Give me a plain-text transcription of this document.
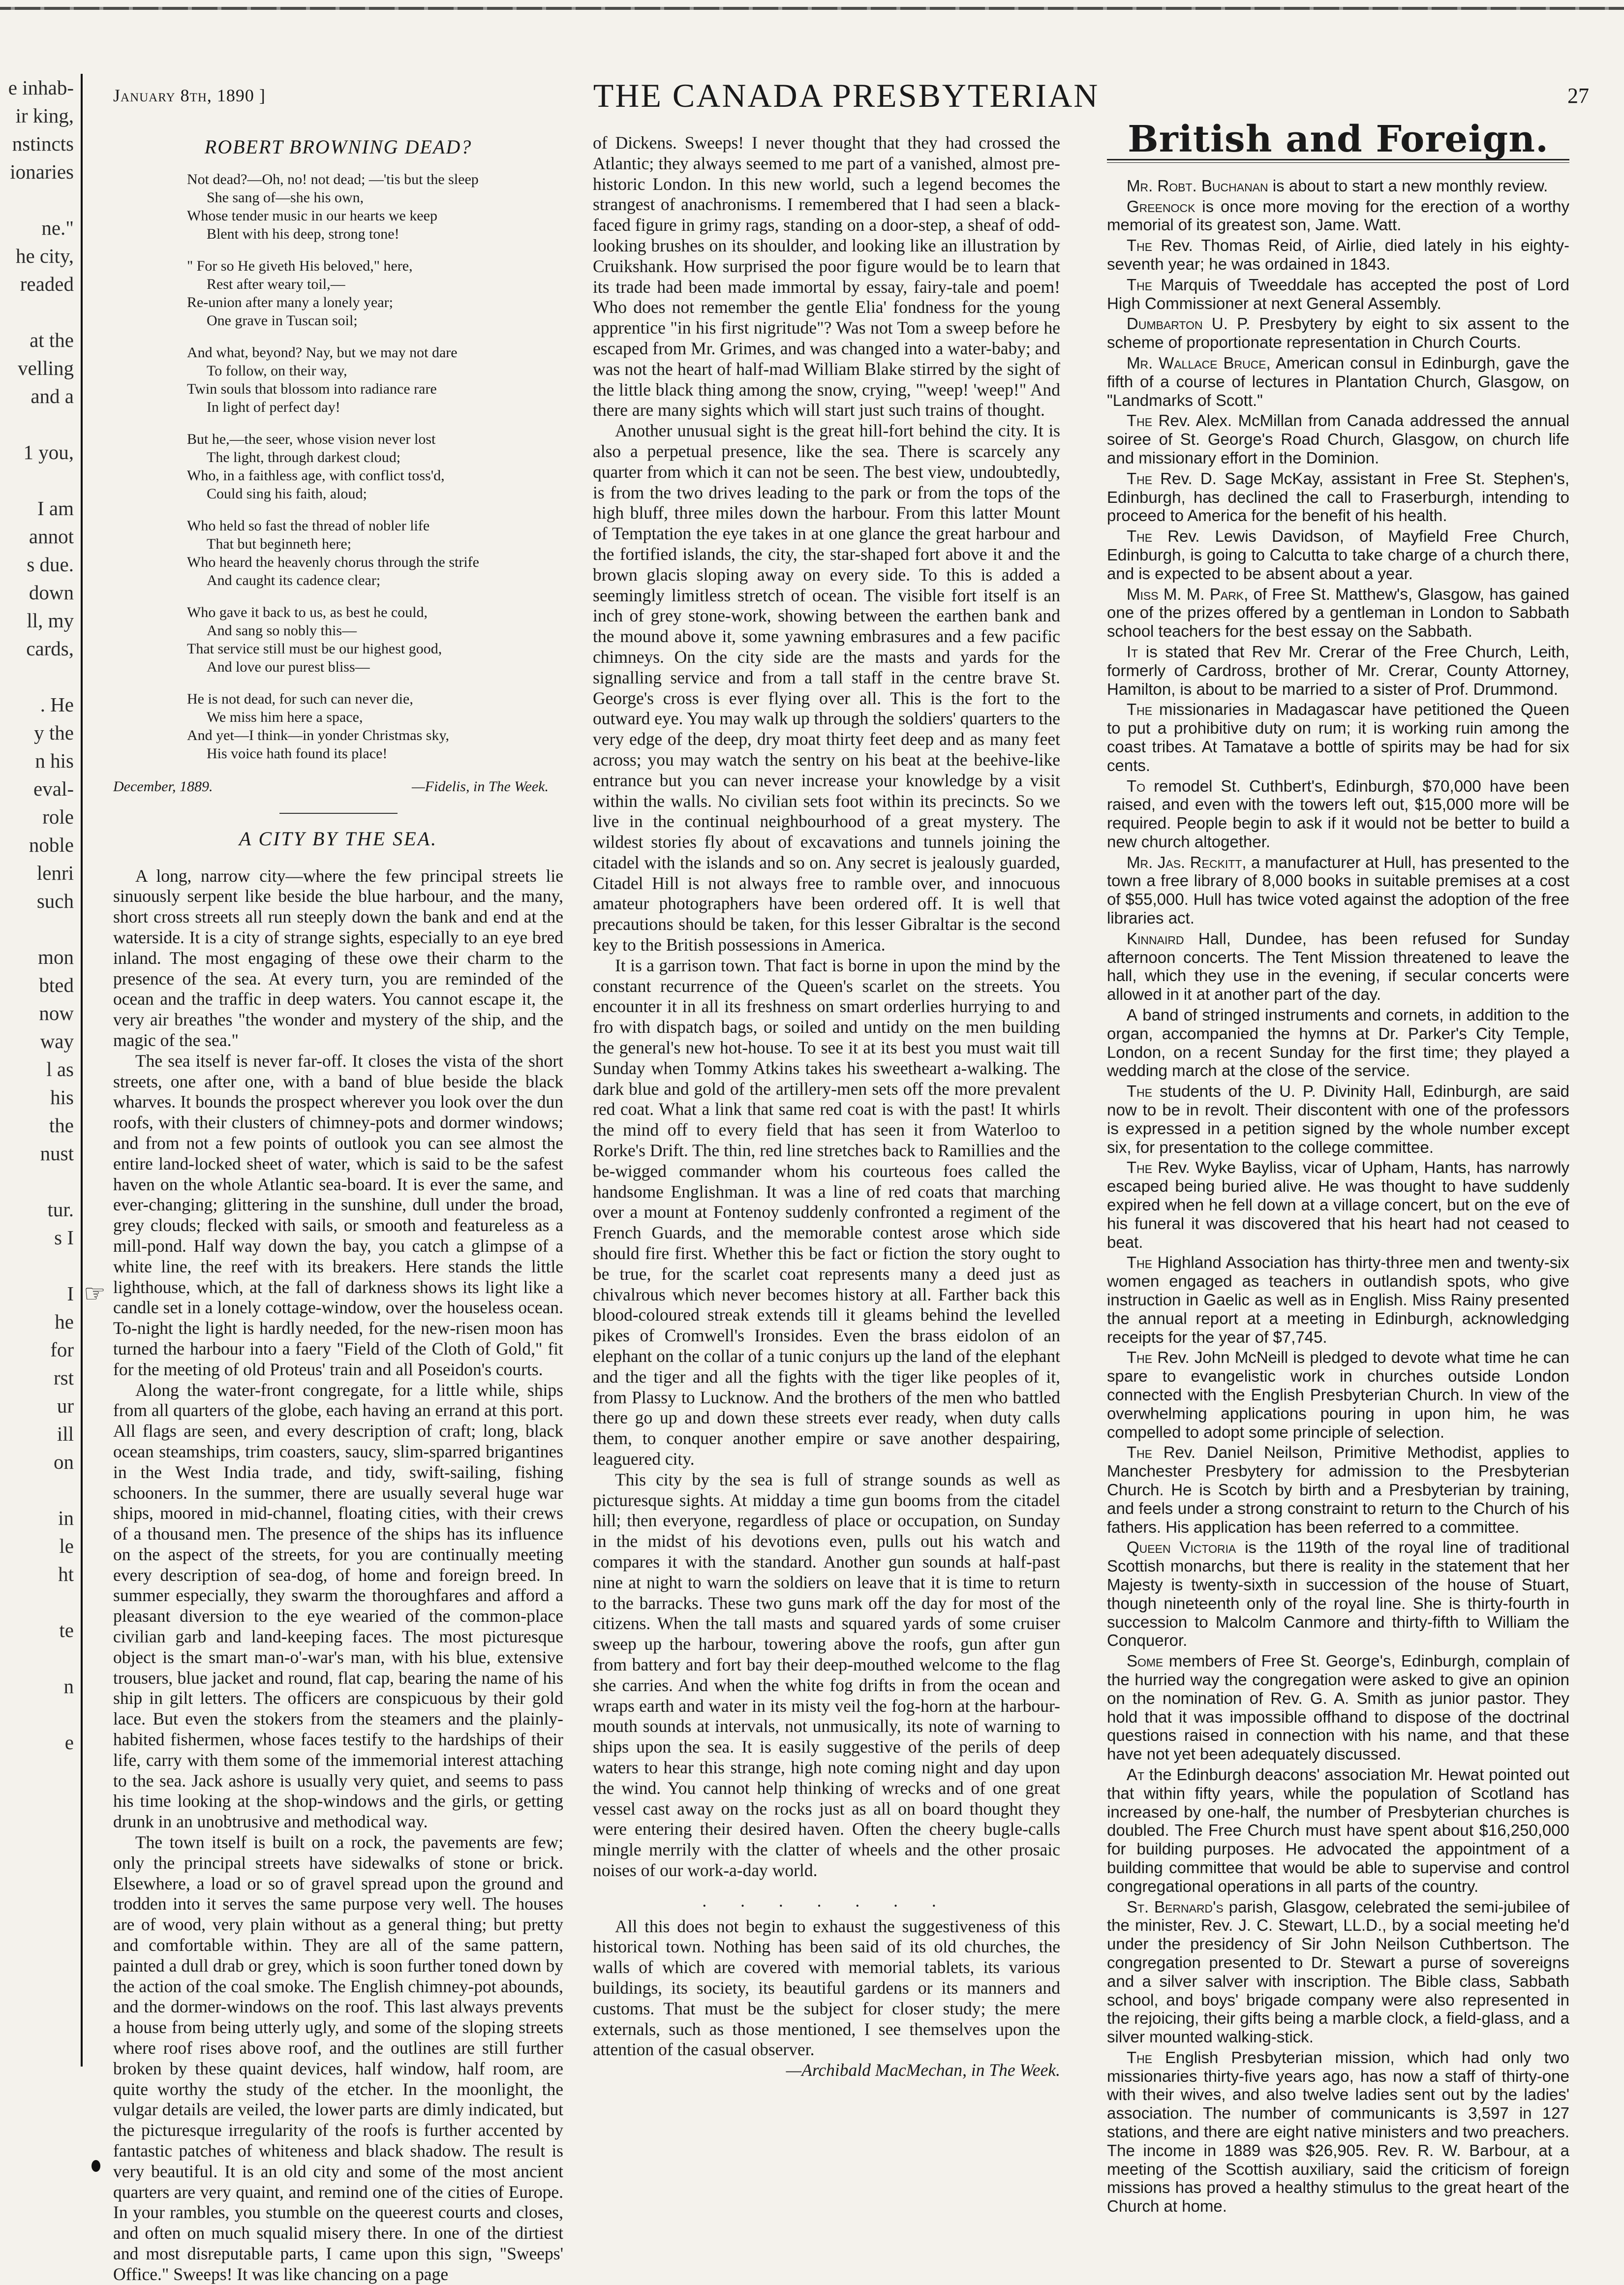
e inhab-
ir king,
nstincts
ionaries

ne."
he city,
readed

at the
velling
and a

1 you,

I am
annot
s due.
down
ll, my
cards,

. He
y the
n his
eval-
role
noble
lenri
such

mon
bted
now
way
l as
his
the
nust

tur.
s I

I
he
for
rst
ur
ill
on

in
le
ht

te

n

e
☞
January 8th, 1890 ]	THE CANADA PRESBYTERIAN	27
ROBERT BROWNING DEAD?
Not dead?—Oh, no! not dead; —'tis but the sleep
She sang of—she his own,
Whose tender music in our hearts we keep
Blent with his deep, strong tone!
" For so He giveth His beloved," here,
Rest after weary toil,—
Re-union after many a lonely year;
One grave in Tuscan soil;
And what, beyond? Nay, but we may not dare
To follow, on their way,
Twin souls that blossom into radiance rare
In light of perfect day!
But he,—the seer, whose vision never lost
The light, through darkest cloud;
Who, in a faithless age, with conflict toss'd,
Could sing his faith, aloud;
Who held so fast the thread of nobler life
That but beginneth here;
Who heard the heavenly chorus through the strife
And caught its cadence clear;
Who gave it back to us, as best he could,
And sang so nobly this—
That service still must be our highest good,
And love our purest bliss—
He is not dead, for such can never die,
We miss him here a space,
And yet—I think—in yonder Christmas sky,
His voice hath found its place!
December, 1889.	—Fidelis, in The Week.
A CITY BY THE SEA.

A long, narrow city—where the few principal streets lie sinuously serpent like beside the blue harbour, and the many, short cross streets all run steeply down the bank and end at the waterside. It is a city of strange sights, especially to an eye bred inland. The most engaging of these owe their charm to the presence of the sea. At every turn, you are reminded of the ocean and the traffic in deep waters. You cannot escape it, the very air breathes "the wonder and mystery of the ship, and the magic of the sea."

The sea itself is never far-off. It closes the vista of the short streets, one after one, with a band of blue beside the black wharves. It bounds the prospect wherever you look over the dun roofs, with their clusters of chimney-pots and dormer windows; and from not a few points of outlook you can see almost the entire land-locked sheet of water, which is said to be the safest haven on the whole Atlantic sea-board. It is ever the same, and ever-changing; glittering in the sunshine, dull under the broad, grey clouds; flecked with sails, or smooth and featureless as a mill-pond. Half way down the bay, you catch a glimpse of a white line, the reef with its breakers. Here stands the little lighthouse, which, at the fall of darkness shows its light like a candle set in a lonely cottage-window, over the houseless ocean. To-night the light is hardly needed, for the new-risen moon has turned the harbour into a faery "Field of the Cloth of Gold," fit for the meeting of old Proteus' train and all Poseidon's courts.

Along the water-front congregate, for a little while, ships from all quarters of the globe, each having an errand at this port. All flags are seen, and every description of craft; long, black ocean steamships, trim coasters, saucy, slim-sparred brigantines in the West India trade, and tidy, swift-sailing, fishing schooners. In the summer, there are usually several huge war ships, moored in mid-channel, floating cities, with their crews of a thousand men. The presence of the ships has its influence on the aspect of the streets, for you are continually meeting every description of sea-dog, of home and foreign breed. In summer especially, they swarm the thoroughfares and afford a pleasant diversion to the eye wearied of the common-place civilian garb and land-keeping faces. The most picturesque object is the smart man-o'-war's man, with his blue, extensive trousers, blue jacket and round, flat cap, bearing the name of his ship in gilt letters. The officers are conspicuous by their gold lace. But even the stokers from the steamers and the plainly-habited fishermen, whose faces testify to the hardships of their life, carry with them some of the immemorial interest attaching to the sea. Jack ashore is usually very quiet, and seems to pass his time looking at the shop-windows and the girls, or getting drunk in an unobtrusive and methodical way.

The town itself is built on a rock, the pavements are few; only the principal streets have sidewalks of stone or brick. Elsewhere, a load or so of gravel spread upon the ground and trodden into it serves the same purpose very well. The houses are of wood, very plain without as a general thing; but pretty and comfortable within. They are all of the same pattern, painted a dull drab or grey, which is soon further toned down by the action of the coal smoke. The English chimney-pot abounds, and the dormer-windows on the roof. This last always prevents a house from being utterly ugly, and some of the sloping streets where roof rises above roof, and the outlines are still further broken by these quaint devices, half window, half room, are quite worthy the study of the etcher. In the moonlight, the vulgar details are veiled, the lower parts are dimly indicated, but the picturesque irregularity of the roofs is further accented by fantastic patches of whiteness and black shadow. The result is very beautiful. It is an old city and some of the most ancient quarters are very quaint, and remind one of the cities of Europe. In your rambles, you stumble on the queerest courts and closes, and often on much squalid misery there. In one of the dirtiest and most disreputable parts, I came upon this sign, "Sweeps' Office." Sweeps! It was like chancing on a page

of Dickens. Sweeps! I never thought that they had crossed the Atlantic; they always seemed to me part of a vanished, almost pre-historic London. In this new world, such a legend becomes the strangest of anachronisms. I remembered that I had seen a black-faced figure in grimy rags, standing on a door-step, a sheaf of odd-looking brushes on its shoulder, and looking like an illustration by Cruikshank. How surprised the poor figure would be to learn that its trade had been made immortal by essay, fairy-tale and poem! Who does not remember the gentle Elia' fondness for the young apprentice "in his first nigritude"? Was not Tom a sweep before he escaped from Mr. Grimes, and was changed into a water-baby; and was not the heart of half-mad William Blake stirred by the sight of the little black thing among the snow, crying, "'weep! 'weep!" And there are many sights which will start just such trains of thought.

Another unusual sight is the great hill-fort behind the city. It is also a perpetual presence, like the sea. There is scarcely any quarter from which it can not be seen. The best view, undoubtedly, is from the two drives leading to the park or from the tops of the high bluff, three miles down the harbour. From this latter Mount of Temptation the eye takes in at one glance the great harbour and the fortified islands, the city, the star-shaped fort above it and the brown glacis sloping away on every side. To this is added a seemingly limitless stretch of ocean. The visible fort itself is an inch of grey stone-work, showing between the earthen bank and the mound above it, some yawning embrasures and a few pacific chimneys. On the city side are the masts and yards for the signalling service and from a tall staff in the centre brave St. George's cross is ever flying over all. This is the fort to the outward eye. You may walk up through the soldiers' quarters to the very edge of the deep, dry moat thirty feet deep and as many feet across; you may watch the sentry on his beat at the beehive-like entrance but you can never increase your knowledge by a visit within the walls. No civilian sets foot within its precincts. So we live in the continual neighbourhood of a great mystery. The wildest stories fly about of excavations and tunnels joining the citadel with the islands and so on. Any secret is jealously guarded, Citadel Hill is not always free to ramble over, and innocuous amateur photographers have been ordered off. It is well that precautions should be taken, for this lesser Gibraltar is the second key to the British possessions in America.

It is a garrison town. That fact is borne in upon the mind by the constant recurrence of the Queen's scarlet on the streets. You encounter it in all its freshness on smart orderlies hurrying to and fro with dispatch bags, or soiled and untidy on the men building the general's new hot-house. To see it at its best you must wait till Sunday when Tommy Atkins takes his sweetheart a-walking. The dark blue and gold of the artillery-men sets off the more prevalent red coat. What a link that same red coat is with the past! It whirls the mind off to every field that has seen it from Waterloo to Rorke's Drift. The thin, red line stretches back to Ramillies and the be-wigged commander whom his courteous foes called the handsome Englishman. It was a line of red coats that marching over a mount at Fontenoy suddenly confronted a regiment of the French Guards, and the memorable contest arose which side should fire first. Whether this be fact or fiction the story ought to be true, for the scarlet coat represents many a deed just as chivalrous which never becomes history at all. Farther back this blood-coloured streak extends till it gleams behind the levelled pikes of Cromwell's Ironsides. Even the brass eidolon of an elephant on the collar of a tunic conjurs up the land of the elephant and the tiger and all the fights with the tiger like peoples of it, from Plassy to Lucknow. And the brothers of the men who battled there go up and down these streets ever ready, when duty calls them, to conquer another empire or save another despairing, leaguered city.

This city by the sea is full of strange sounds as well as picturesque sights. At midday a time gun booms from the citadel hill; then everyone, regardless of place or occupation, on Sunday in the midst of his devotions even, pulls out his watch and compares it with the standard. Another gun sounds at half-past nine at night to warn the soldiers on leave that it is time to return to the barracks. These two guns mark off the day for most of the citizens. When the tall masts and squared yards of some cruiser sweep up the harbour, towering above the roofs, gun after gun from battery and fort bay their deep-mouthed welcome to the flag she carries. And when the white fog drifts in from the ocean and wraps earth and water in its misty veil the fog-horn at the harbour-mouth sounds at intervals, not unmusically, its note of warning to ships upon the sea. It is easily suggestive of the perils of deep waters to hear this strange, high note coming night and day upon the wind. You cannot help thinking of wrecks and of one great vessel cast away on the rocks just as all on board thought they were entering their desired haven. Often the cheery bugle-calls mingle merrily with the clatter of wheels and the other prosaic noises of our work-a-day world.

. . . . . . .

All this does not begin to exhaust the suggestiveness of this historical town. Nothing has been said of its old churches, the walls of which are covered with memorial tablets, its various buildings, its society, its beautiful gardens or its manners and customs. That must be the subject for closer study; the mere externals, such as those mentioned, I see themselves upon the attention of the casual observer.

—Archibald MacMechan, in The Week.
British and Foreign.

Mr. Robt. Buchanan is about to start a new monthly review.

Greenock is once more moving for the erection of a worthy memorial of its greatest son, Jame. Watt.

The Rev. Thomas Reid, of Airlie, died lately in his eighty-seventh year; he was ordained in 1843.

The Marquis of Tweeddale has accepted the post of Lord High Commissioner at next General Assembly.

Dumbarton U. P. Presbytery by eight to six assent to the scheme of proportionate representation in Church Courts.

Mr. Wallace Bruce, American consul in Edinburgh, gave the fifth of a course of lectures in Plantation Church, Glasgow, on "Landmarks of Scott."

The Rev. Alex. McMillan from Canada addressed the annual soiree of St. George's Road Church, Glasgow, on church life and missionary effort in the Dominion.

The Rev. D. Sage McKay, assistant in Free St. Stephen's, Edinburgh, has declined the call to Fraserburgh, intending to proceed to America for the benefit of his health.

The Rev. Lewis Davidson, of Mayfield Free Church, Edinburgh, is going to Calcutta to take charge of a church there, and is expected to be absent about a year.

Miss M. M. Park, of Free St. Matthew's, Glasgow, has gained one of the prizes offered by a gentleman in London to Sabbath school teachers for the best essay on the Sabbath.

It is stated that Rev Mr. Crerar of the Free Church, Leith, formerly of Cardross, brother of Mr. Crerar, County Attorney, Hamilton, is about to be married to a sister of Prof. Drummond.

The missionaries in Madagascar have petitioned the Queen to put a prohibitive duty on rum; it is working ruin among the coast tribes. At Tamatave a bottle of spirits may be had for six cents.

To remodel St. Cuthbert's, Edinburgh, $70,000 have been raised, and even with the towers left out, $15,000 more will be required. People begin to ask if it would not be better to build a new church altogether.

Mr. Jas. Reckitt, a manufacturer at Hull, has presented to the town a free library of 8,000 books in suitable premises at a cost of $55,000. Hull has twice voted against the adoption of the free libraries act.

Kinnaird Hall, Dundee, has been refused for Sunday afternoon concerts. The Tent Mission threatened to leave the hall, which they use in the evening, if secular concerts were allowed in it at another part of the day.

A band of stringed instruments and cornets, in addition to the organ, accompanied the hymns at Dr. Parker's City Temple, London, on a recent Sunday for the first time; they played a wedding march at the close of the service.

The students of the U. P. Divinity Hall, Edinburgh, are said now to be in revolt. Their discontent with one of the professors is expressed in a petition signed by the whole number except six, for presentation to the college committee.

The Rev. Wyke Bayliss, vicar of Upham, Hants, has narrowly escaped being buried alive. He was thought to have suddenly expired when he fell down at a village concert, but on the eve of his funeral it was discovered that his heart had not ceased to beat.

The Highland Association has thirty-three men and twenty-six women engaged as teachers in outlandish spots, who give instruction in Gaelic as well as in English. Miss Rainy presented the annual report at a meeting in Edinburgh, acknowledging receipts for the year of $7,745.

The Rev. John McNeill is pledged to devote what time he can spare to evangelistic work in churches outside London connected with the English Presbyterian Church. In view of the overwhelming applications pouring in upon him, he was compelled to adopt some principle of selection.

The Rev. Daniel Neilson, Primitive Methodist, applies to Manchester Presbytery for admission to the Presbyterian Church. He is Scotch by birth and a Presbyterian by training, and feels under a strong constraint to return to the Church of his fathers. His application has been referred to a committee.

Queen Victoria is the 119th of the royal line of traditional Scottish monarchs, but there is reality in the statement that her Majesty is twenty-sixth in succession of the house of Stuart, though nineteenth only of the royal line. She is thirty-fourth in succession to Malcolm Canmore and thirty-fifth to William the Conqueror.

Some members of Free St. George's, Edinburgh, complain of the hurried way the congregation were asked to give an opinion on the nomination of Rev. G. A. Smith as junior pastor. They hold that it was impossible offhand to dispose of the doctrinal questions raised in connection with his name, and that these have not yet been adequately discussed.

At the Edinburgh deacons' association Mr. Hewat pointed out that within fifty years, while the population of Scotland has increased by one-half, the number of Presbyterian churches is doubled. The Free Church must have spent about $16,250,000 for building purposes. He advocated the appointment of a building committee that would be able to supervise and control congregational operations in all parts of the country.

St. Bernard's parish, Glasgow, celebrated the semi-jubilee of the minister, Rev. J. C. Stewart, LL.D., by a social meeting he'd under the presidency of Sir John Neilson Cuthbertson. The congregation presented to Dr. Stewart a purse of sovereigns and a silver salver with inscription. The Bible class, Sabbath school, and boys' brigade company were also represented in the rejoicing, their gifts being a marble clock, a field-glass, and a silver mounted walking-stick.

The English Presbyterian mission, which had only two missionaries thirty-five years ago, has now a staff of thirty-one with their wives, and also twelve ladies sent out by the ladies' association. The number of communicants is 3,597 in 127 stations, and there are eight native ministers and two preachers. The income in 1889 was $26,905. Rev. R. W. Barbour, at a meeting of the Scottish auxiliary, said the criticism of foreign missions has proved a healthy stimulus to the great heart of the Church at home.
